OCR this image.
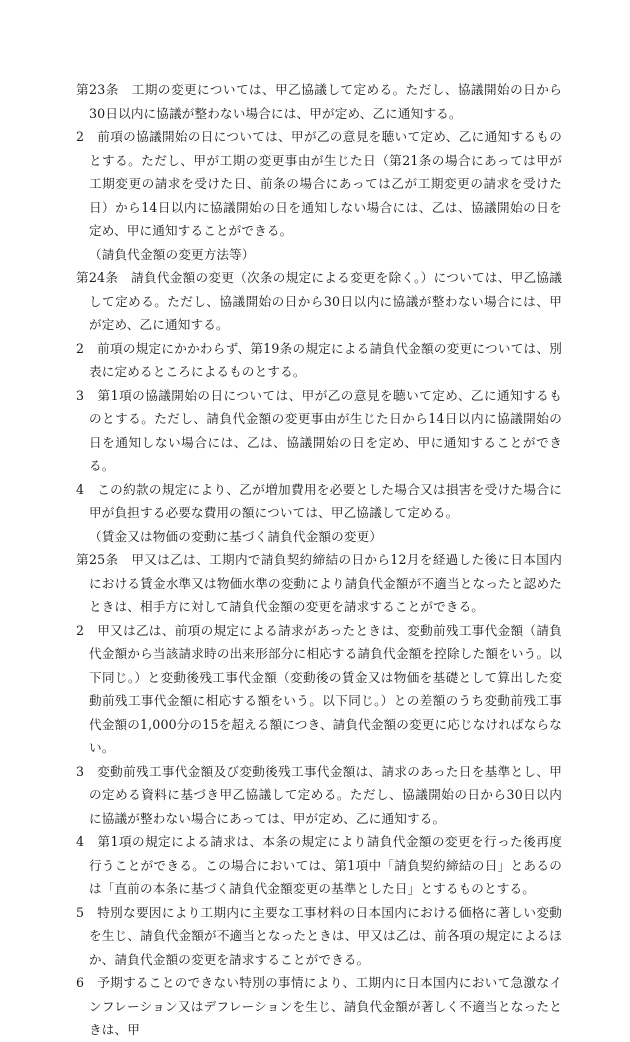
第23条　工期の変更については、甲乙協議して定める。ただし、協議開始の日から30日以内に協議が整わない場合には、甲が定め、乙に通知する。

2　前項の協議開始の日については、甲が乙の意見を聴いて定め、乙に通知するものとする。ただし、甲が工期の変更事由が生じた日（第21条の場合にあっては甲が工期変更の請求を受けた日、前条の場合にあっては乙が工期変更の請求を受けた日）から14日以内に協議開始の日を通知しない場合には、乙は、協議開始の日を定め、甲に通知することができる。

（請負代金額の変更方法等）

第24条　請負代金額の変更（次条の規定による変更を除く。）については、甲乙協議して定める。ただし、協議開始の日から30日以内に協議が整わない場合には、甲が定め、乙に通知する。

2　前項の規定にかかわらず、第19条の規定による請負代金額の変更については、別表に定めるところによるものとする。

3　第1項の協議開始の日については、甲が乙の意見を聴いて定め、乙に通知するものとする。ただし、請負代金額の変更事由が生じた日から14日以内に協議開始の日を通知しない場合には、乙は、協議開始の日を定め、甲に通知することができる。

4　この約款の規定により、乙が増加費用を必要とした場合又は損害を受けた場合に甲が負担する必要な費用の額については、甲乙協議して定める。

（賃金又は物価の変動に基づく請負代金額の変更）

第25条　甲又は乙は、工期内で請負契約締結の日から12月を経過した後に日本国内における賃金水準又は物価水準の変動により請負代金額が不適当となったと認めたときは、相手方に対して請負代金額の変更を請求することができる。

2　甲又は乙は、前項の規定による請求があったときは、変動前残工事代金額（請負代金額から当該請求時の出来形部分に相応する請負代金額を控除した額をいう。以下同じ。）と変動後残工事代金額（変動後の賃金又は物価を基礎として算出した変動前残工事代金額に相応する額をいう。以下同じ。）との差額のうち変動前残工事代金額の1,000分の15を超える額につき、請負代金額の変更に応じなければならない。

3　変動前残工事代金額及び変動後残工事代金額は、請求のあった日を基準とし、甲の定める資料に基づき甲乙協議して定める。ただし、協議開始の日から30日以内に協議が整わない場合にあっては、甲が定め、乙に通知する。

4　第1項の規定による請求は、本条の規定により請負代金額の変更を行った後再度行うことができる。この場合においては、第1項中「請負契約締結の日」とあるのは「直前の本条に基づく請負代金額変更の基準とした日」とするものとする。

5　特別な要因により工期内に主要な工事材料の日本国内における価格に著しい変動を生じ、請負代金額が不適当となったときは、甲又は乙は、前各項の規定によるほか、請負代金額の変更を請求することができる。

6　予期することのできない特別の事情により、工期内に日本国内において急激なインフレーション又はデフレーションを生じ、請負代金額が著しく不適当となったときは、甲
